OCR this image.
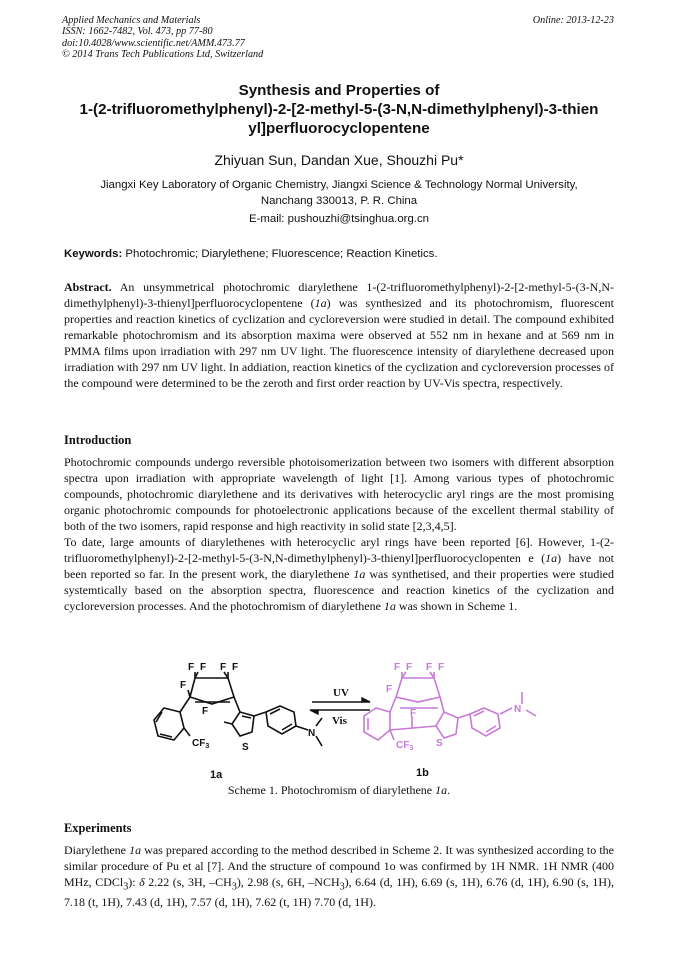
Applied Mechanics and Materials
ISSN: 1662-7482, Vol. 473, pp 77-80
doi:10.4028/www.scientific.net/AMM.473.77
© 2014 Trans Tech Publications Ltd, Switzerland
Online: 2013-12-23
Synthesis and Properties of
1-(2-trifluoromethylphenyl)-2-[2-methyl-5-(3-N,N-dimethylphenyl)-3-thien
yl]perfluorocyclopentene
Zhiyuan Sun, Dandan Xue, Shouzhi Pu*
Jiangxi Key Laboratory of Organic Chemistry, Jiangxi Science & Technology Normal University,
Nanchang 330013, P. R. China
E-mail: pushouzhi@tsinghua.org.cn
Keywords: Photochromic; Diarylethene; Fluorescence; Reaction Kinetics.

Abstract. An unsymmetrical photochromic diarylethene 1-(2-trifluoromethylphenyl)-2-[2-methyl-5-(3-N,N-dimethylphenyl)-3-thienyl]perfluorocyclopentene (1a) was synthesized and its photochromism, fluorescent properties and reaction kinetics of cyclization and cycloreversion were studied in detail. The compound exhibited remarkable photochromism and its absorption maxima were observed at 552 nm in hexane and at 569 nm in PMMA films upon irradiation with 297 nm UV light. The fluorescence intensity of diarylethene decreased upon irradiation with 297 nm UV light. In addiation, reaction kinetics of the cyclization and cycloreversion processes of the compound were determined to be the zeroth and first order reaction by UV-Vis spectra, respectively.

Introduction

Photochromic compounds undergo reversible photoisomerization between two isomers with different absorption spectra upon irradiation with appropriate wavelength of light [1]. Among various types of photochromic compounds, photochromic diarylethene and its derivatives with heterocyclic aryl rings are the most promising organic photochromic compounds for photoelectronic applications because of the excellent thermal stability of both of the two isomers, rapid response and high reactivity in solid state [2,3,4,5].

To date, large amounts of diarylethenes with heterocyclic aryl rings have been reported [6]. However, 1-(2-trifluoromethylphenyl)-2-[2-methyl-5-(3-N,N-dimethylphenyl)-3-thienyl]perfluorocyclopenten e (1a) have not been reported so far. In the present work, the diarylethene 1a was synthetised, and their properties were studied systemtically based on the absorption spectra, fluorescence and reaction kinetics of the cyclization and cycloreversion processes. And the photochromism of diarylethene 1a was shown in Scheme 1.

F F F F
F
F
S
N
$CF_3$
1a
UV
Vis
F F F F
F
F
S
N
$CF_3$
1b
Scheme 1. Photochromism of diarylethene 1a.
Experiments

Diarylethene 1a was prepared according to the method described in Scheme 2. It was synthesized according to the similar procedure of Pu et al [7]. And the structure of compound 1o was confirmed by 1H NMR. 1H NMR (400 MHz, CDCl$_3$): δ 2.22 (s, 3H, $-CH_3$), 2.98 (s, 6H, $-NCH_3$), 6.64 (d, 1H), 6.69 (s, 1H), 6.76 (d, 1H), 6.90 (s, 1H), 7.18 (t, 1H), 7.43 (d, 1H), 7.57 (d, 1H), 7.62 (t, 1H) 7.70 (d, 1H).
